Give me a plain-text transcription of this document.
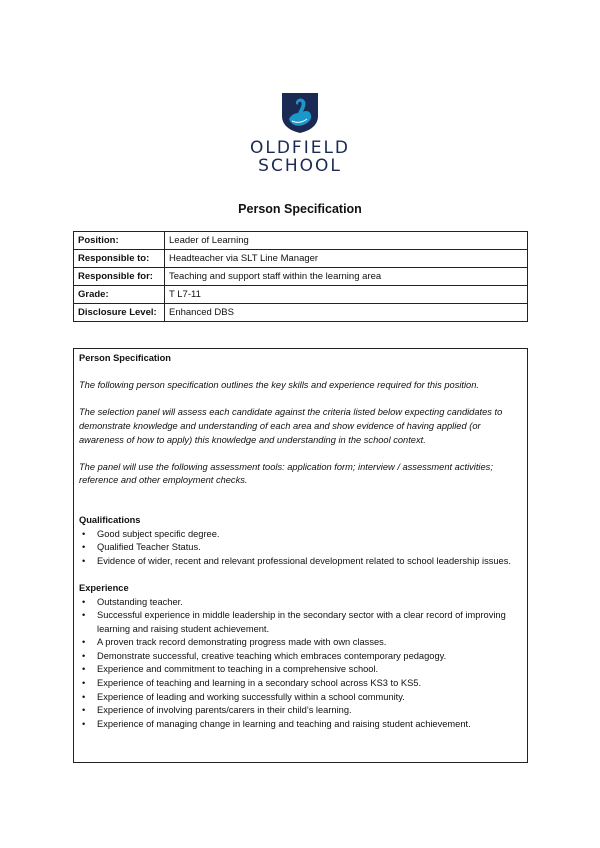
OLDFIELD
SCHOOL
Person Specification
Position:	Leader of Learning
Responsible to:	Headteacher via SLT Line Manager
Responsible for:	Teaching and support staff within the learning area
Grade:	T L7-11
Disclosure Level:	Enhanced DBS

Person Specification

The following person specification outlines the key skills and experience required for this position.

The selection panel will assess each candidate against the criteria listed below expecting candidates to demonstrate knowledge and understanding of each area and show evidence of having applied (or awareness of how to apply) this knowledge and understanding in the school context.

The panel will use the following assessment tools: application form; interview / assessment activities; reference and other employment checks.

Qualifications

• Good subject specific degree.
• Qualified Teacher Status.
• Evidence of wider, recent and relevant professional development related to school leadership issues.

Experience

• Outstanding teacher.
• Successful experience in middle leadership in the secondary sector with a clear record of improving learning and raising student achievement.
• A proven track record demonstrating progress made with own classes.
• Demonstrate successful, creative teaching which embraces contemporary pedagogy.
• Experience and commitment to teaching in a comprehensive school.
• Experience of teaching and learning in a secondary school across KS3 to KS5.
• Experience of leading and working successfully within a school community.
• Experience of involving parents/carers in their child’s learning.
• Experience of managing change in learning and teaching and raising student achievement.
